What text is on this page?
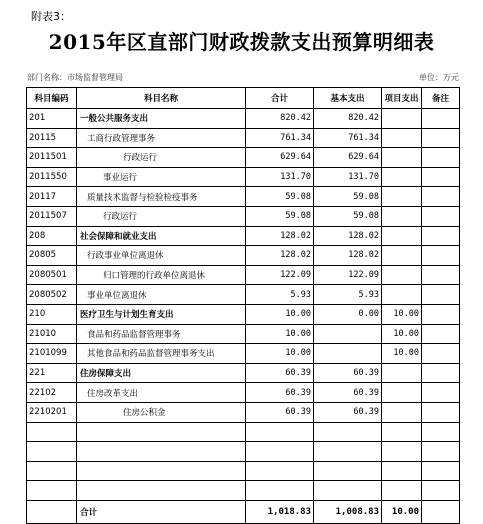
附表3：
2015年区直部门财政拨款支出预算明细表
部门名称：市场监督管理局	单位：万元
科目编码	科目名称	合计	基本支出	项目支出	备注
201	一般公共服务支出	820.42	820.42		
20115	工商行政管理事务	761.34	761.34		
2011501	行政运行	629.64	629.64		
2011550	事业运行	131.70	131.70		
20117	质量技术监督与检验检疫事务	59.08	59.08		
2011507	行政运行	59.08	59.08		
208	社会保障和就业支出	128.02	128.02		
20805	行政事业单位离退休	128.02	128.02		
2080501	归口管理的行政单位离退休	122.09	122.09		
2080502	事业单位离退休	5.93	5.93		
210	医疗卫生与计划生育支出	10.00	0.00	10.00	
21010	食品和药品监督管理事务	10.00		10.00	
2101099	其他食品和药品监督管理事务支出	10.00		10.00	
221	住房保障支出	60.39	60.39		
22102	住房改革支出	60.39	60.39		
2210201	住房公积金	60.39	60.39		

	合计	1,018.83	1,008.83	10.00	
